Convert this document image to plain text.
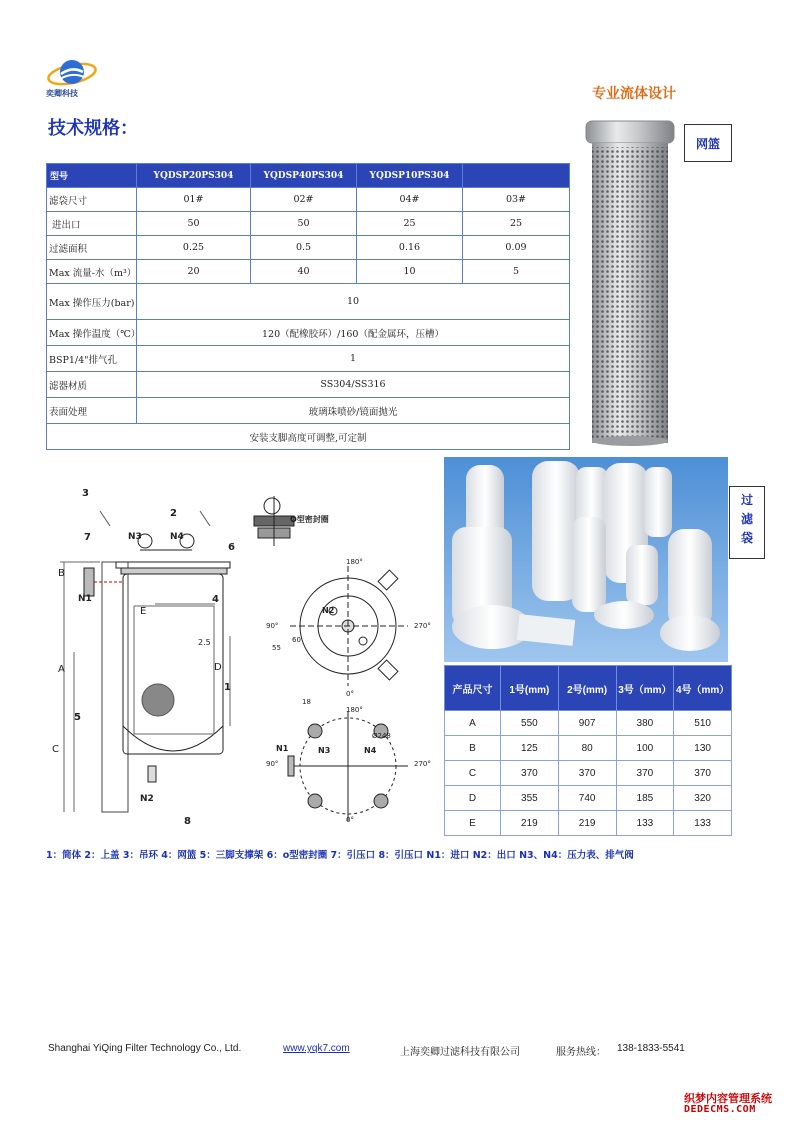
奕卿科技	专业流体设计
技术规格：
型号	YQDSP20PS304	YQDSP40PS304	YQDSP10PS304	
滤袋尺寸	01#	02#	04#	03#
进出口	50	50	25	25
过滤面积	0.25	0.5	0.16	0.09
Max 流量-水（m³）	20	40	10	5
Max 操作压力(bar)	10			
Max 操作温度（℃）	120（配橡胶环）/160（配金属环，压槽）			
BSP1/4"排气孔	1			
滤器材质	SS304/SS316			
表面处理	玻璃珠喷砂/镜面抛光			
安装支脚高度可调整,可定制				
网篮
3
2
7	N3	N4
6
O型密封圈
N1
B
E
4
2.5
D
1
A
5
C
N2
8
180°
90°	270°
0°
N2
60
55
180°
18
Ø248
N3	N4
N1
90°	270°
0°
过滤袋
产品尺寸	1号(mm)	2号(mm)	3号（mm）	4号（mm）
A	550	907	380	510
B	125	80	100	130
C	370	370	370	370
D	355	740	185	320
E	219	219	133	133
1：筒体 2：上盖 3：吊环 4：网篮 5：三脚支撑架 6：o型密封圈 7：引压口 8：引压口 N1：进口 N2：出口 N3、N4：压力表、排气阀
Shanghai YiQing Filter Technology Co., Ltd.	www.yqk7.com	上海奕卿过滤科技有限公司	服务热线： 138-1833-5541
织梦内容管理系统
DEDECMS.COM
